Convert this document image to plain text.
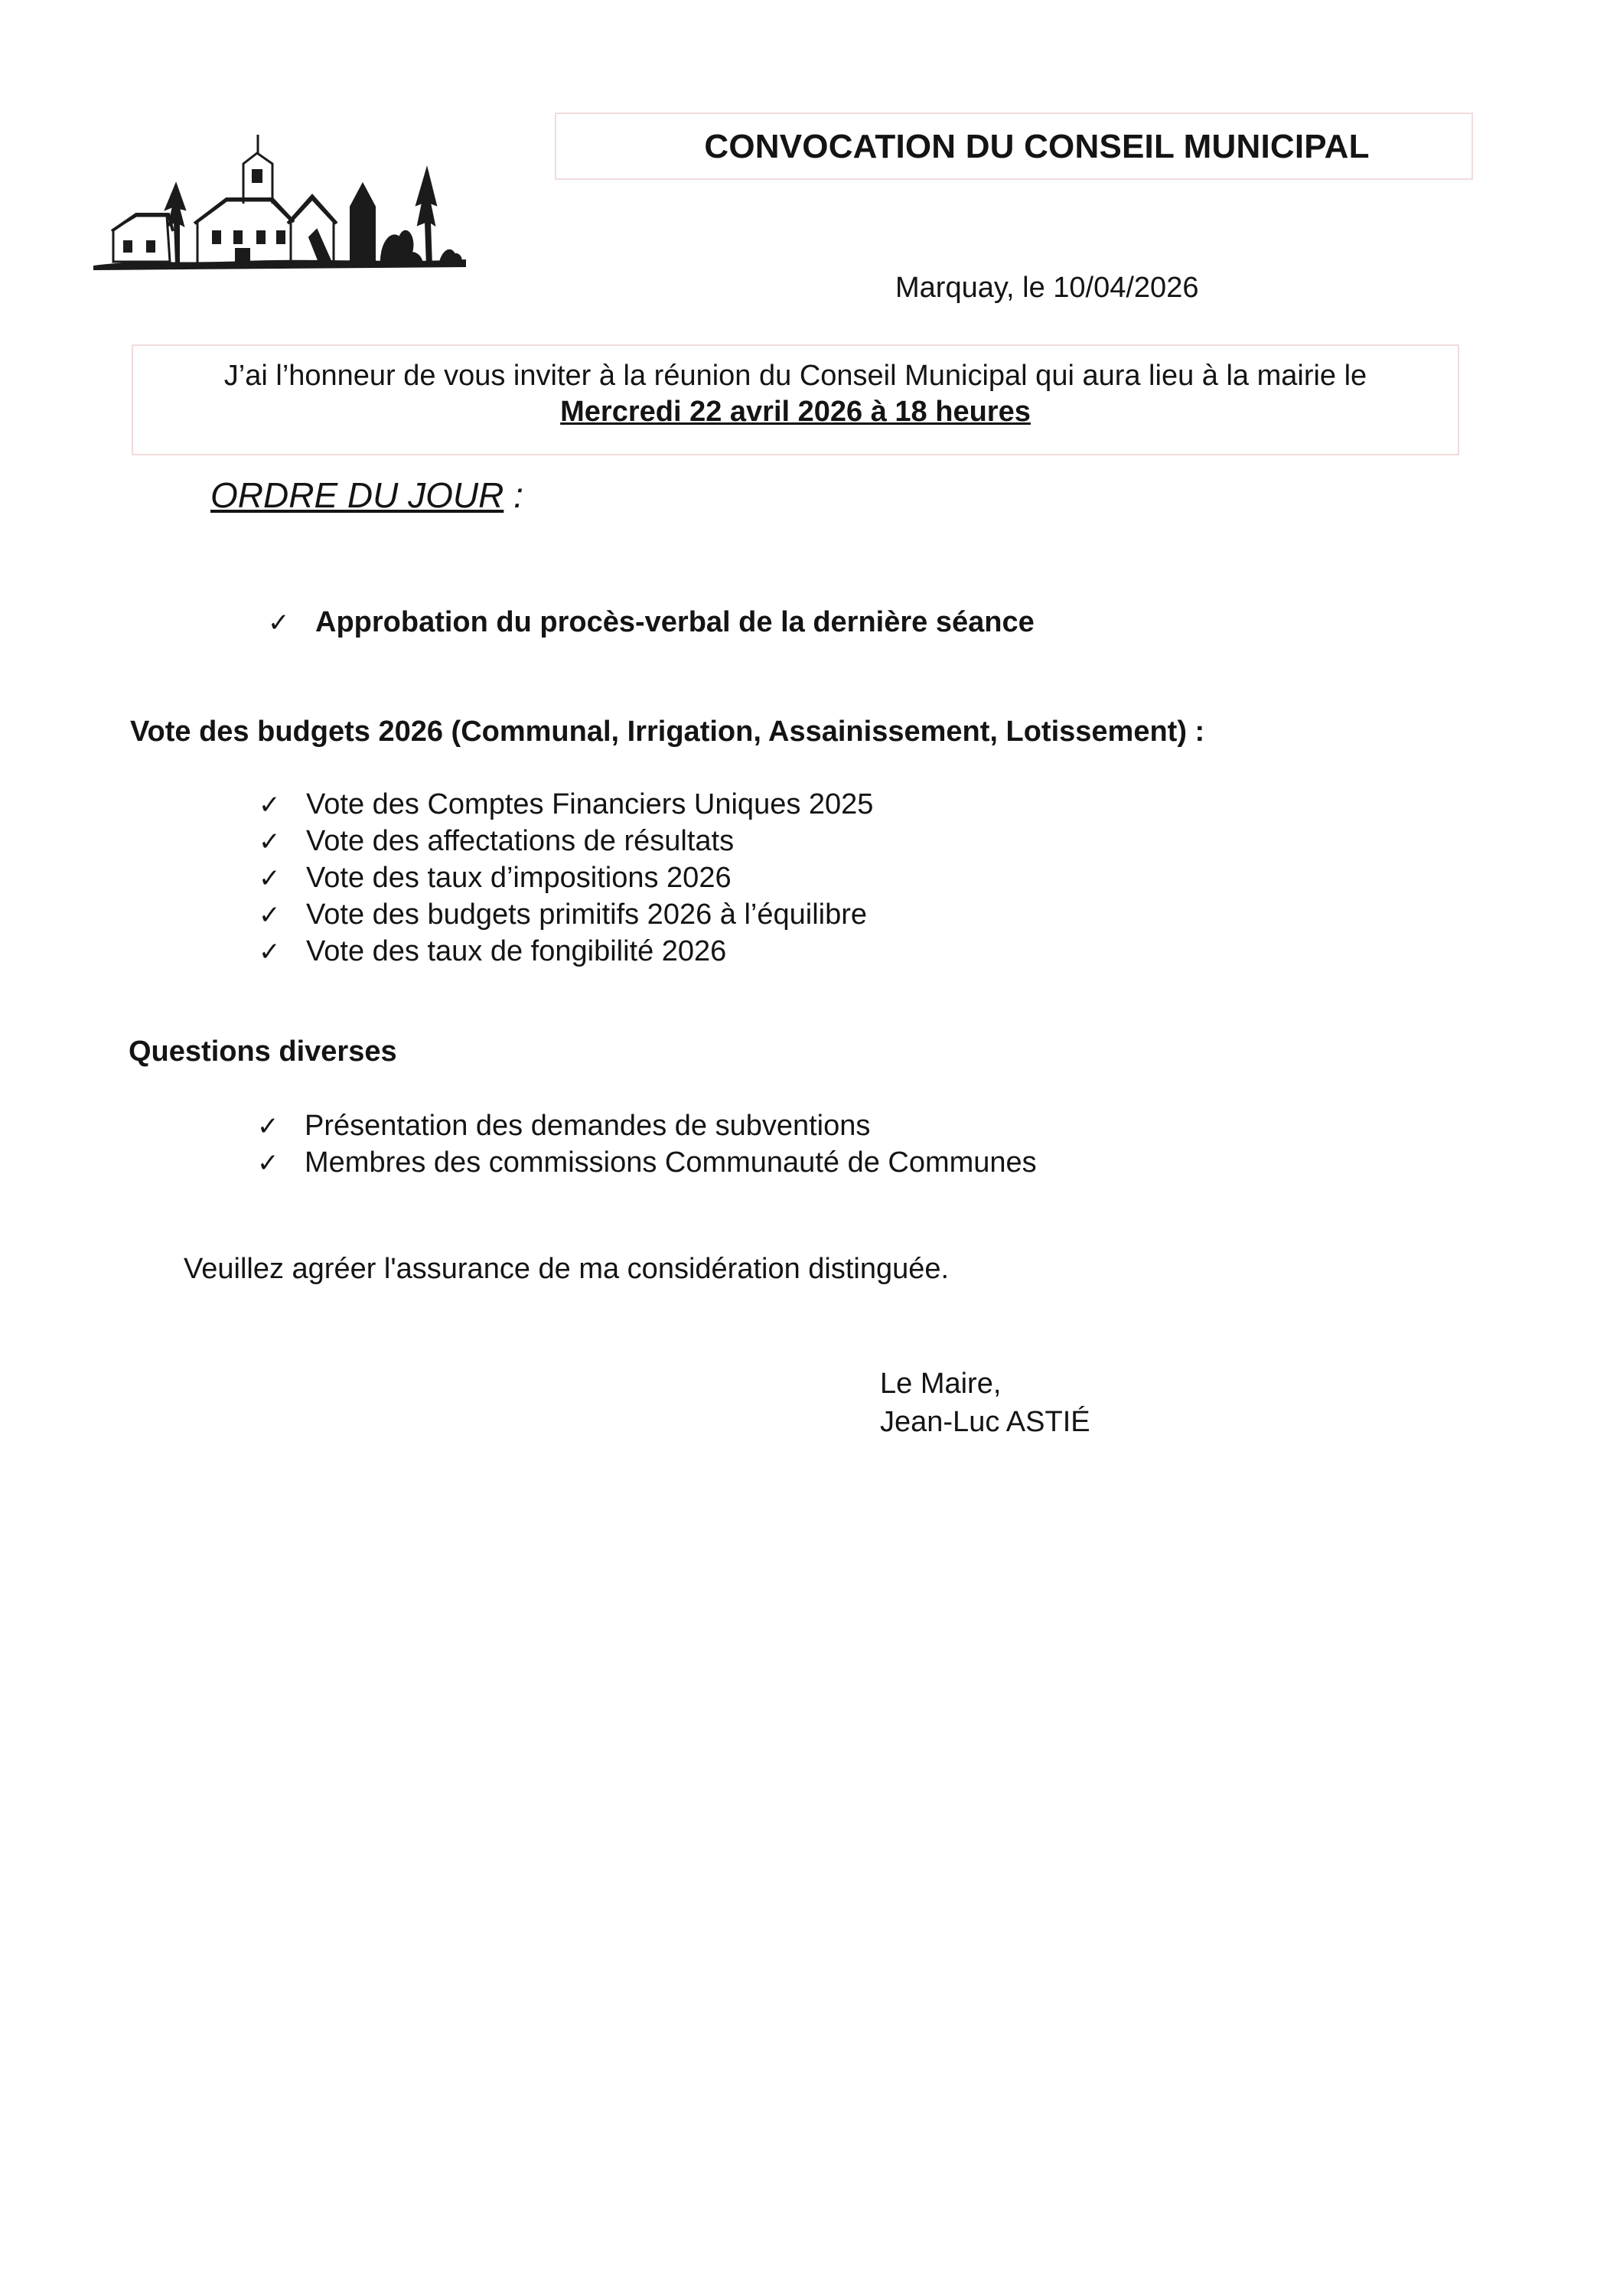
CONVOCATION DU CONSEIL MUNICIPAL
Marquay, le 10/04/2026
J’ai l’honneur de vous inviter à la réunion du Conseil Municipal qui aura lieu à la mairie le
Mercredi 22 avril 2026 à 18 heures
ORDRE DU JOUR :
✓ Approbation du procès-verbal de la dernière séance
Vote des budgets 2026 (Communal, Irrigation, Assainissement, Lotissement) :
✓ Vote des Comptes Financiers Uniques 2025
✓ Vote des affectations de résultats
✓ Vote des taux d’impositions 2026
✓ Vote des budgets primitifs 2026 à l’équilibre
✓ Vote des taux de fongibilité 2026
Questions diverses
✓ Présentation des demandes de subventions
✓ Membres des commissions Communauté de Communes
Veuillez agréer l'assurance de ma considération distinguée.
Le Maire,
Jean-Luc ASTIÉ
